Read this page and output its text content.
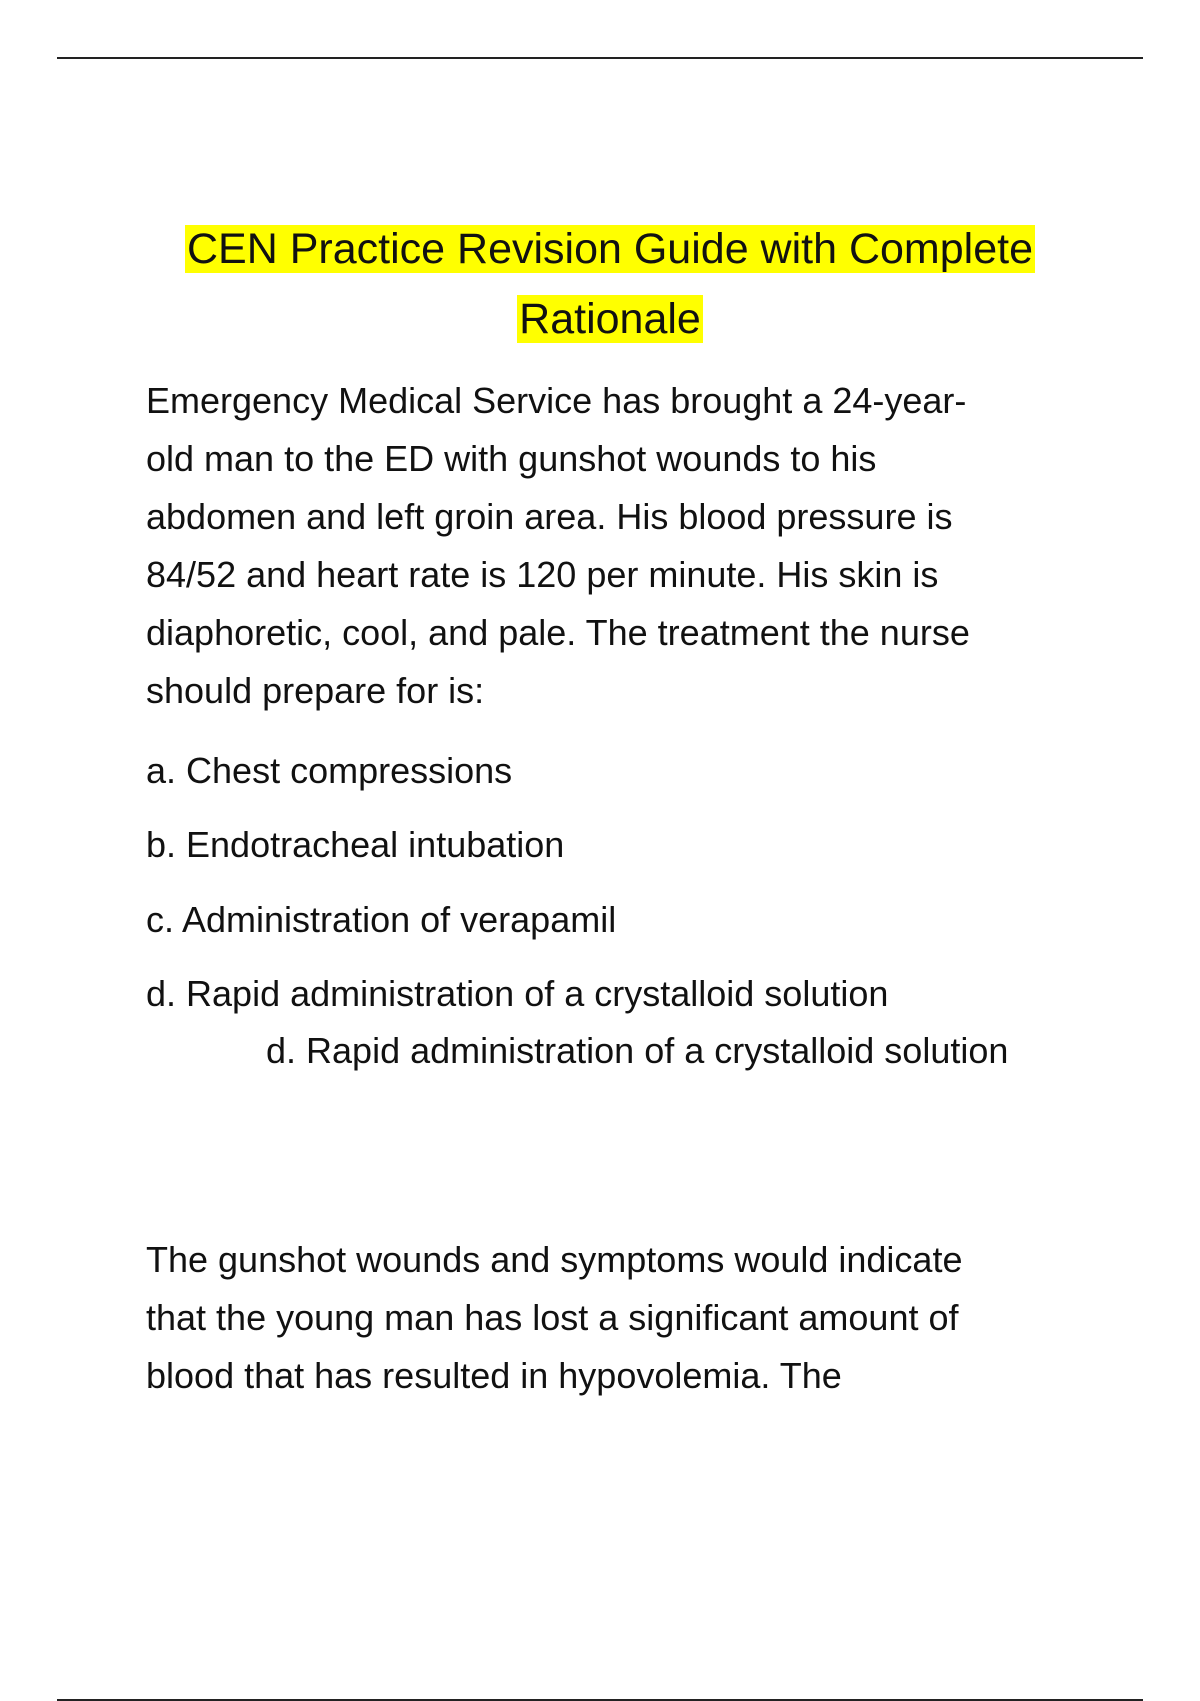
CEN Practice Revision Guide with Complete
Rationale
Emergency Medical Service has brought a 24-year-
old man to the ED with gunshot wounds to his
abdomen and left groin area. His blood pressure is
84/52 and heart rate is 120 per minute. His skin is
diaphoretic, cool, and pale. The treatment the nurse
should prepare for is:
a. Chest compressions
b. Endotracheal intubation
c. Administration of verapamil
d. Rapid administration of a crystalloid solution
d. Rapid administration of a crystalloid solution
The gunshot wounds and symptoms would indicate
that the young man has lost a significant amount of
blood that has resulted in hypovolemia. The
